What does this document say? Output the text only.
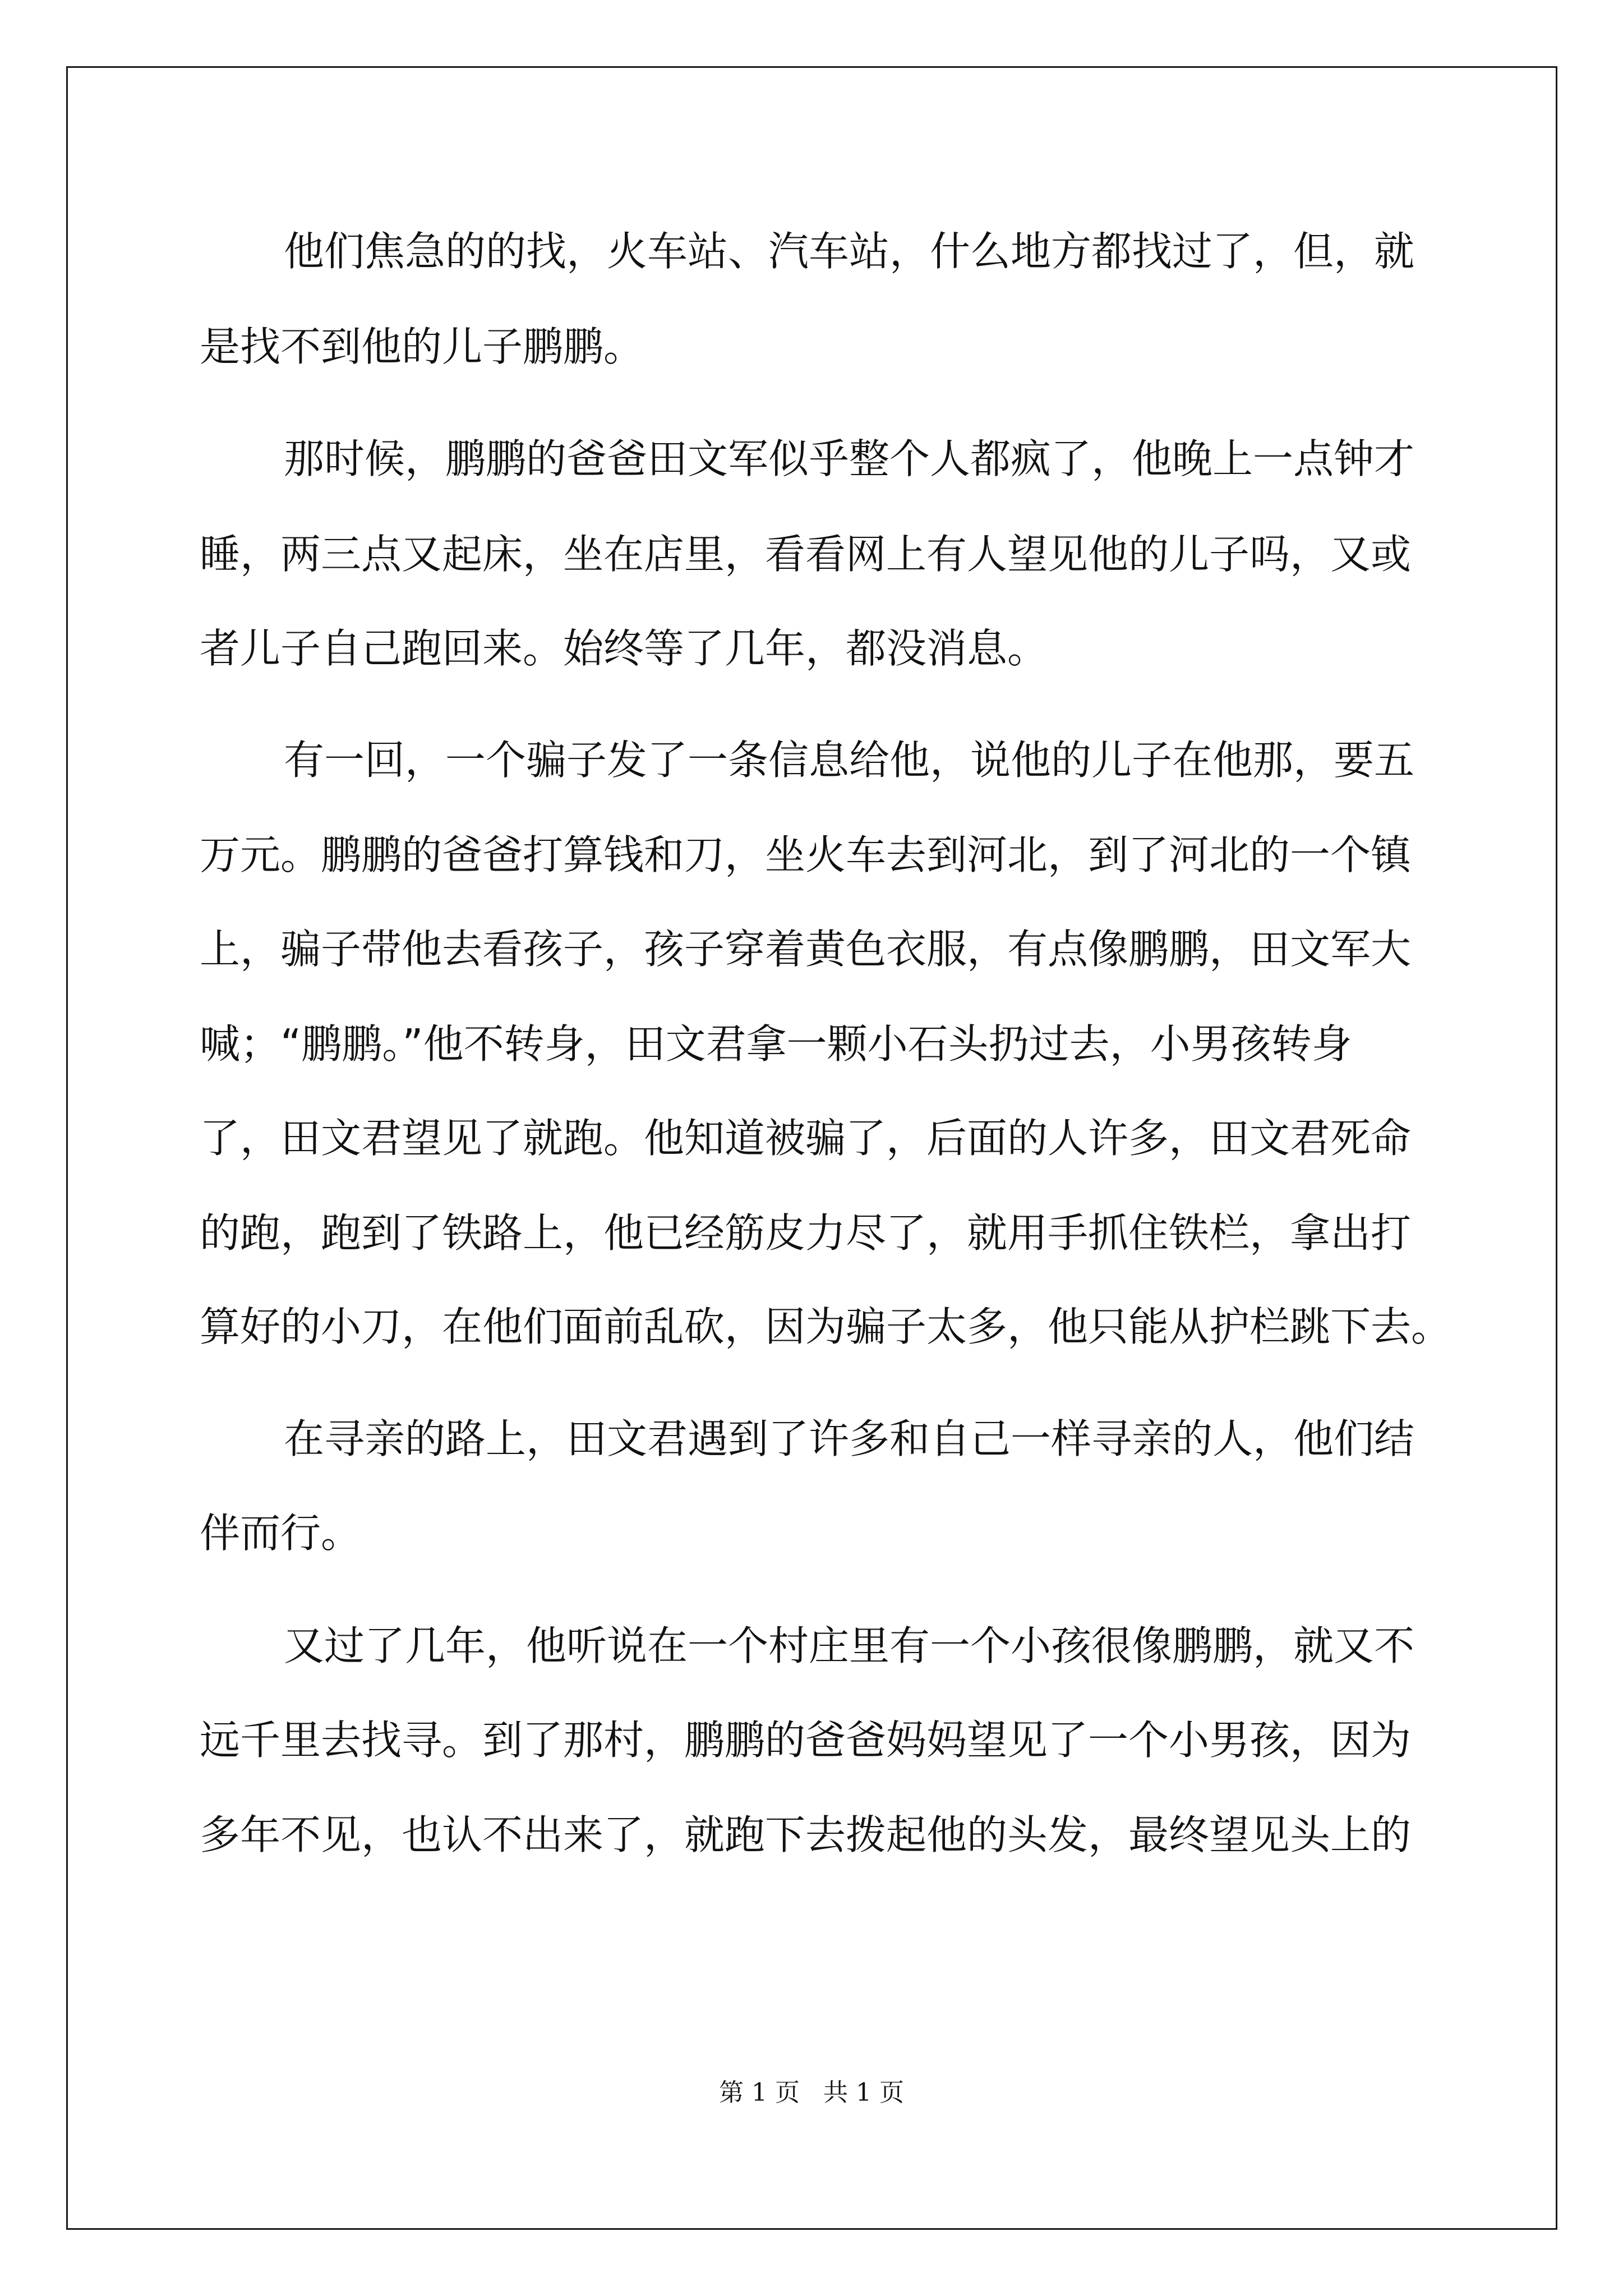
他们焦急的的找，火车站、汽车站，什么地方都找过了，但，就

是找不到他的儿子鹏鹏。

那时候，鹏鹏的爸爸田文军似乎整个人都疯了，他晚上一点钟才

睡，两三点又起床，坐在店里，看看网上有人望见他的儿子吗，又或

者儿子自己跑回来。始终等了几年，都没消息。

有一回，一个骗子发了一条信息给他，说他的儿子在他那，要五

万元。鹏鹏的爸爸打算钱和刀，坐火车去到河北，到了河北的一个镇

上，骗子带他去看孩子，孩子穿着黄色衣服，有点像鹏鹏，田文军大

喊；“鹏鹏。”他不转身，田文君拿一颗小石头扔过去，小男孩转身

了，田文君望见了就跑。他知道被骗了，后面的人许多，田文君死命

的跑，跑到了铁路上，他已经筋皮力尽了，就用手抓住铁栏，拿出打

算好的小刀，在他们面前乱砍，因为骗子太多，他只能从护栏跳下去。

在寻亲的路上，田文君遇到了许多和自己一样寻亲的人，他们结

伴而行。

又过了几年，他听说在一个村庄里有一个小孩很像鹏鹏，就又不

远千里去找寻。到了那村，鹏鹏的爸爸妈妈望见了一个小男孩，因为

多年不见，也认不出来了，就跑下去拨起他的头发，最终望见头上的

第 1 页   共 1 页
